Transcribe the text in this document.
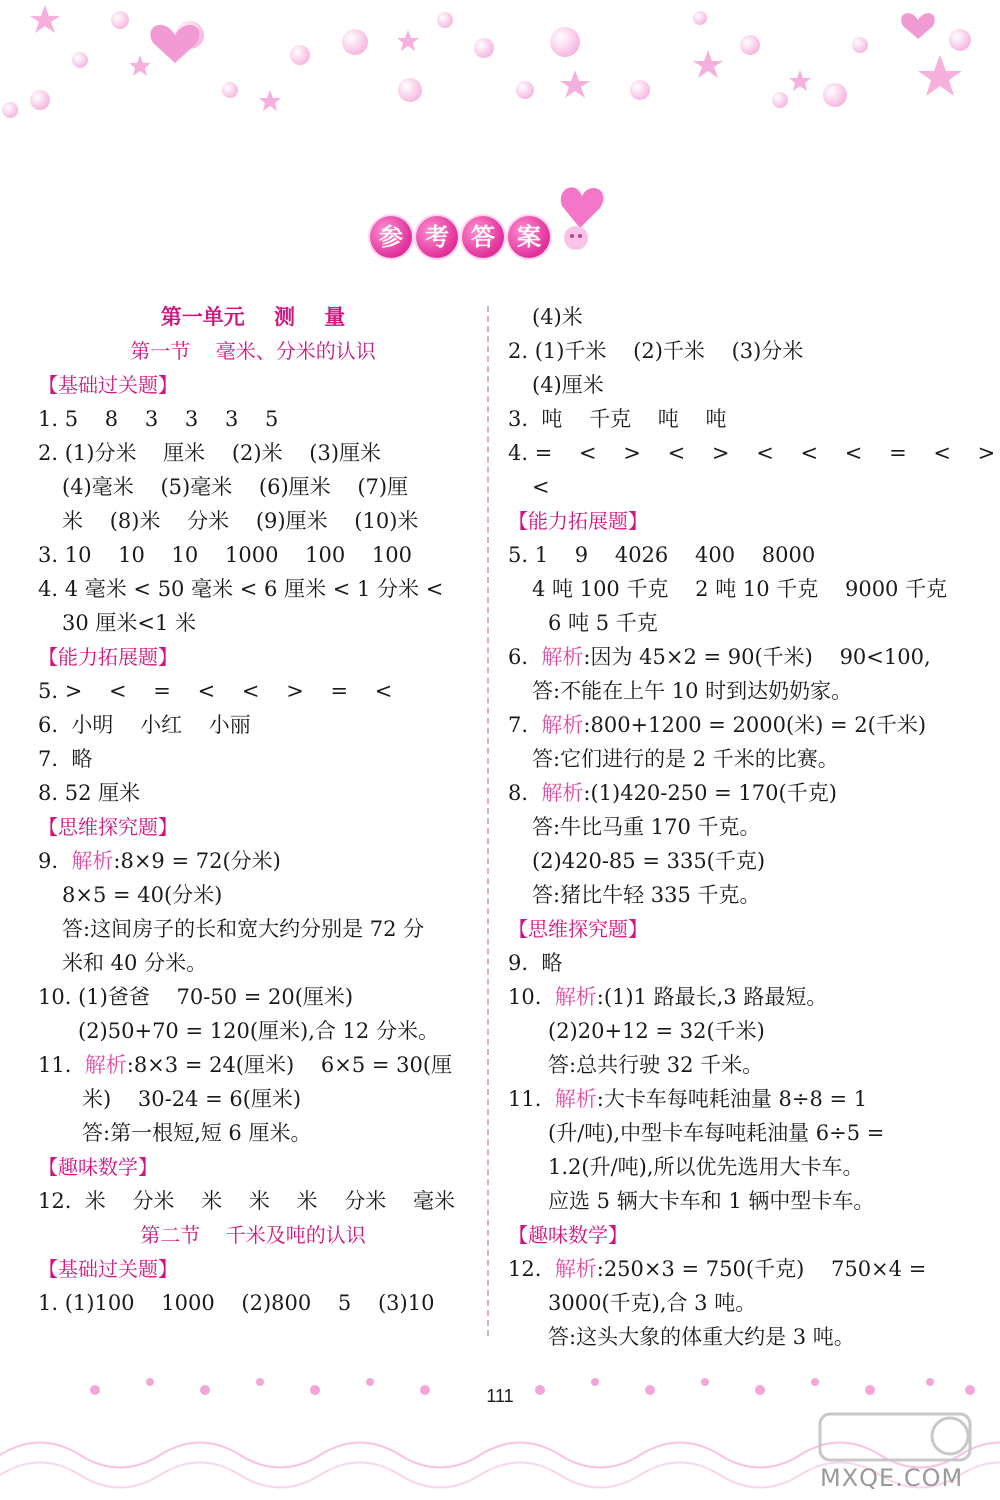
参 考 答 案
第一单元    测    量
第一节    毫米、分米的认识
【基础过关题】
1. 5    8    3    3    3    5
2. (1)分米    厘米    (2)米    (3)厘米
(4)毫米    (5)毫米    (6)厘米    (7)厘
米    (8)米    分米    (9)厘米    (10)米
3. 10    10    10    1000    100    100
4. 4 毫米 < 50 毫米 < 6 厘米 < 1 分米 <
30 厘米<1 米
【能力拓展题】
5. >    <    =    <    <    >    =    <
6.  小明    小红    小丽
7.  略
8. 52 厘米
【思维探究题】
9.  解析:8×9 = 72(分米)
8×5 = 40(分米)
答:这间房子的长和宽大约分别是 72 分
米和 40 分米。
10. (1)爸爸    70-50 = 20(厘米)
(2)50+70 = 120(厘米),合 12 分米。
11.  解析:8×3 = 24(厘米)    6×5 = 30(厘
米)    30-24 = 6(厘米)
答:第一根短,短 6 厘米。
【趣味数学】
12.  米    分米    米    米    米    分米    毫米
第二节    千米及吨的认识
【基础过关题】
1. (1)100    1000    (2)800    5    (3)10
(4)米
2. (1)千米    (2)千米    (3)分米
(4)厘米
3.  吨    千克    吨    吨
4. =    <    >    <    >    <    <    <    =    <    >
<
【能力拓展题】
5. 1    9    4026    400    8000
4 吨 100 千克    2 吨 10 千克    9000 千克
6 吨 5 千克
6.  解析:因为 45×2 = 90(千米)    90<100,
答:不能在上午 10 时到达奶奶家。
7.  解析:800+1200 = 2000(米) = 2(千米)
答:它们进行的是 2 千米的比赛。
8.  解析:(1)420-250 = 170(千克)
答:牛比马重 170 千克。
(2)420-85 = 335(千克)
答:猪比牛轻 335 千克。
【思维探究题】
9.  略
10.  解析:(1)1 路最长,3 路最短。
(2)20+12 = 32(千米)
答:总共行驶 32 千米。
11.  解析:大卡车每吨耗油量 8÷8 = 1
(升/吨),中型卡车每吨耗油量 6÷5 =
1.2(升/吨),所以优先选用大卡车。
应选 5 辆大卡车和 1 辆中型卡车。
【趣味数学】
12.  解析:250×3 = 750(千克)    750×4 =
3000(千克),合 3 吨。
答:这头大象的体重大约是 3 吨。
111
MXQE.COM
